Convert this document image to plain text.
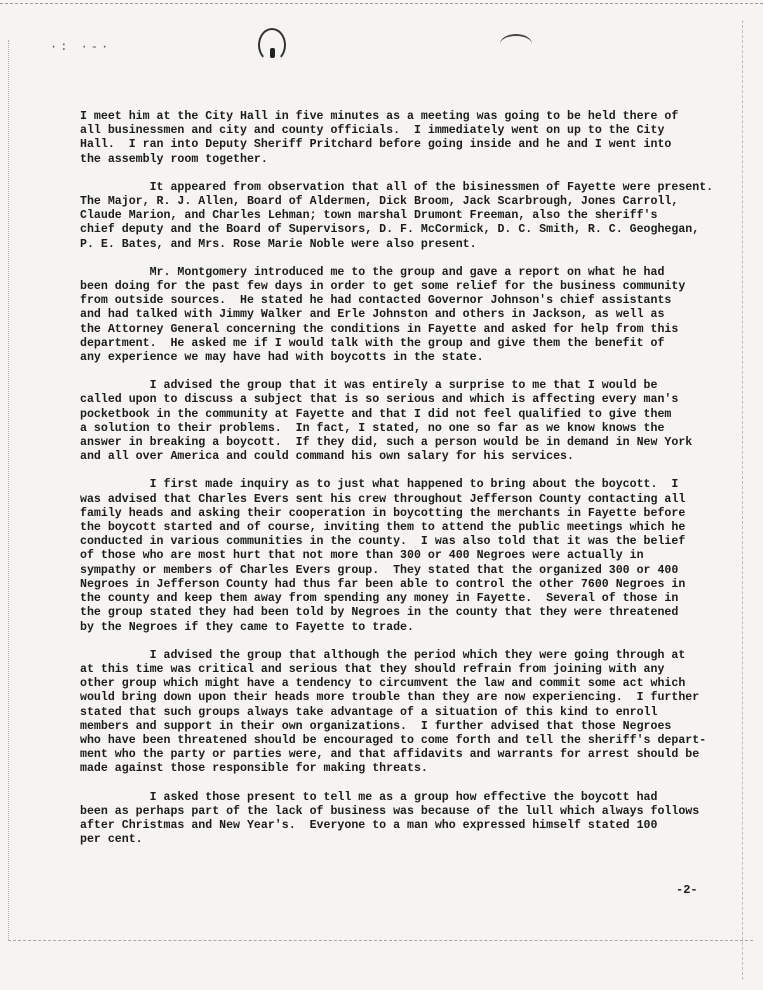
·: ·-·

I meet him at the City Hall in five minutes as a meeting was going to be held there of
all businessmen and city and county officials.  I immediately went on up to the City
Hall.  I ran into Deputy Sheriff Pritchard before going inside and he and I went into
the assembly room together.

It appeared from observation that all of the bisinessmen of Fayette were present.
The Major, R. J. Allen, Board of Aldermen, Dick Broom, Jack Scarbrough, Jones Carroll,
Claude Marion, and Charles Lehman; town marshal Drumont Freeman, also the sheriff's
chief deputy and the Board of Supervisors, D. F. McCormick, D. C. Smith, R. C. Geoghegan,
P. E. Bates, and Mrs. Rose Marie Noble were also present.

Mr. Montgomery introduced me to the group and gave a report on what he had
been doing for the past few days in order to get some relief for the business community
from outside sources.  He stated he had contacted Governor Johnson's chief assistants
and had talked with Jimmy Walker and Erle Johnston and others in Jackson, as well as
the Attorney General concerning the conditions in Fayette and asked for help from this
department.  He asked me if I would talk with the group and give them the benefit of
any experience we may have had with boycotts in the state.

I advised the group that it was entirely a surprise to me that I would be
called upon to discuss a subject that is so serious and which is affecting every man's
pocketbook in the community at Fayette and that I did not feel qualified to give them
a solution to their problems.  In fact, I stated, no one so far as we know knows the
answer in breaking a boycott.  If they did, such a person would be in demand in New York
and all over America and could command his own salary for his services.

I first made inquiry as to just what happened to bring about the boycott.  I
was advised that Charles Evers sent his crew throughout Jefferson County contacting all
family heads and asking their cooperation in boycotting the merchants in Fayette before
the boycott started and of course, inviting them to attend the public meetings which he
conducted in various communities in the county.  I was also told that it was the belief
of those who are most hurt that not more than 300 or 400 Negroes were actually in
sympathy or members of Charles Evers group.  They stated that the organized 300 or 400
Negroes in Jefferson County had thus far been able to control the other 7600 Negroes in
the county and keep them away from spending any money in Fayette.  Several of those in
the group stated they had been told by Negroes in the county that they were threatened
by the Negroes if they came to Fayette to trade.

I advised the group that although the period which they were going through at
at this time was critical and serious that they should refrain from joining with any
other group which might have a tendency to circumvent the law and commit some act which
would bring down upon their heads more trouble than they are now experiencing.  I further
stated that such groups always take advantage of a situation of this kind to enroll
members and support in their own organizations.  I further advised that those Negroes
who have been threatened should be encouraged to come forth and tell the sheriff's depart-
ment who the party or parties were, and that affidavits and warrants for arrest should be
made against those responsible for making threats.

I asked those present to tell me as a group how effective the boycott had
been as perhaps part of the lack of business was because of the lull which always follows
after Christmas and New Year's.  Everyone to a man who expressed himself stated 100
per cent.

-2-
